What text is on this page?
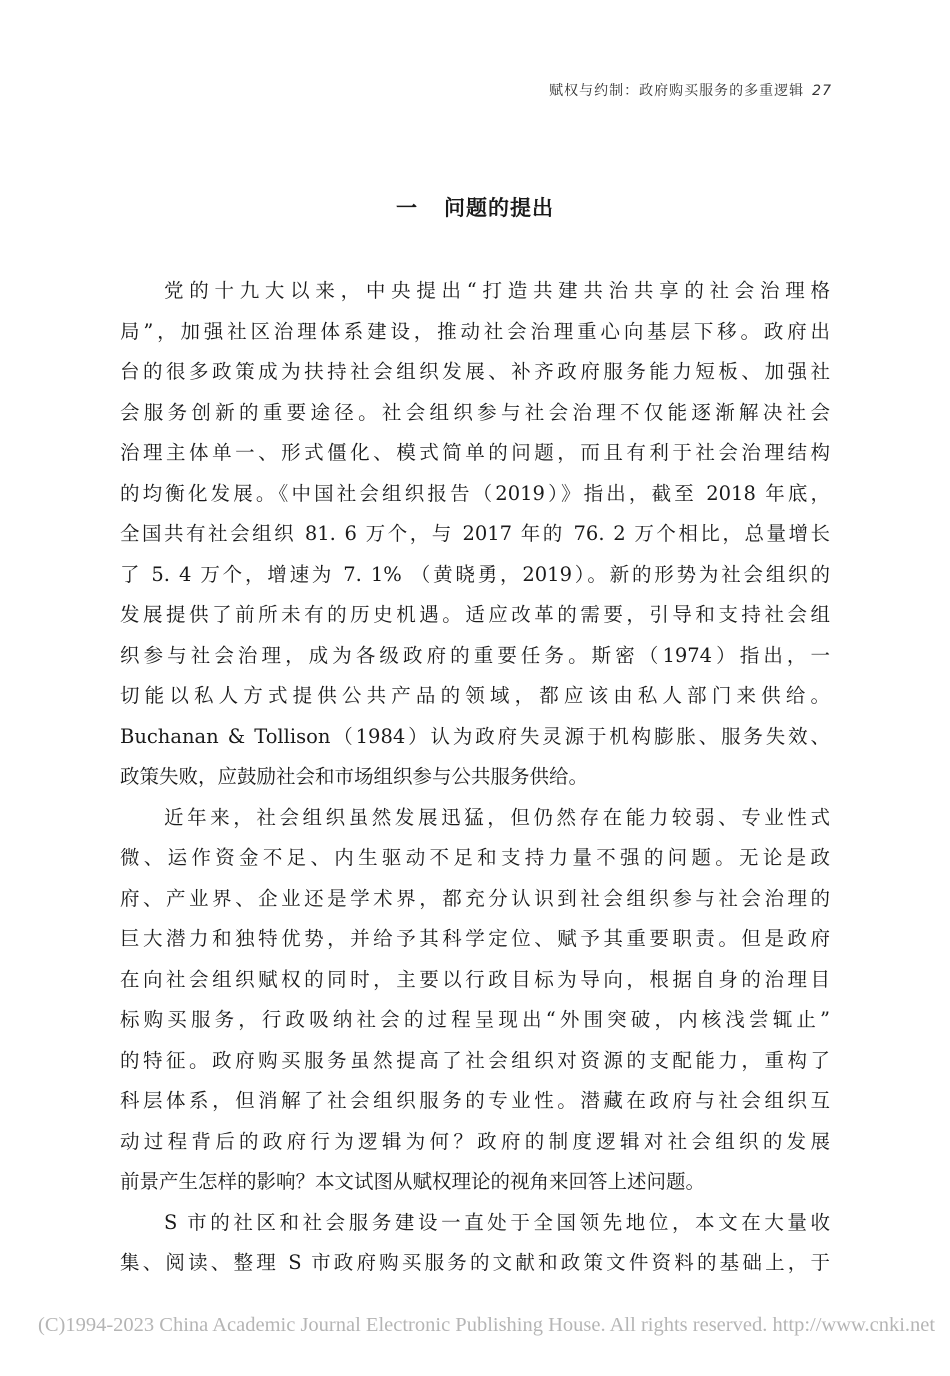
赋权与约制：政府购买服务的多重逻辑 27
一 问题的提出
党的十九大以来，中央提出“打造共建共治共享的社会治理格
局”，加强社区治理体系建设，推动社会治理重心向基层下移。政府出
台的很多政策成为扶持社会组织发展、补齐政府服务能力短板、加强社
会服务创新的重要途径。社会组织参与社会治理不仅能逐渐解决社会
治理主体单一、形式僵化、模式简单的问题，而且有利于社会治理结构
的均衡化发展。《中国社会组织报告（2019）》指出，截至 2018 年底，
全国共有社会组织 81. 6 万个，与 2017 年的 76. 2 万个相比，总量增长
了 5. 4 万个，增速为 7. 1% （黄晓勇，2019）。新的形势为社会组织的
发展提供了前所未有的历史机遇。适应改革的需要，引导和支持社会组
织参与社会治理，成为各级政府的重要任务。斯密（1974）指出，一
切能以私人方式提供公共产品的领域，都应该由私人部门来供给。
Buchanan & Tollison（1984）认为政府失灵源于机构膨胀、服务失效、
政策失败，应鼓励社会和市场组织参与公共服务供给。
近年来，社会组织虽然发展迅猛，但仍然存在能力较弱、专业性式
微、运作资金不足、内生驱动不足和支持力量不强的问题。无论是政
府、产业界、企业还是学术界，都充分认识到社会组织参与社会治理的
巨大潜力和独特优势，并给予其科学定位、赋予其重要职责。但是政府
在向社会组织赋权的同时，主要以行政目标为导向，根据自身的治理目
标购买服务，行政吸纳社会的过程呈现出“外围突破，内核浅尝辄止”
的特征。政府购买服务虽然提高了社会组织对资源的支配能力，重构了
科层体系，但消解了社会组织服务的专业性。潜藏在政府与社会组织互
动过程背后的政府行为逻辑为何？政府的制度逻辑对社会组织的发展
前景产生怎样的影响？本文试图从赋权理论的视角来回答上述问题。
S 市的社区和社会服务建设一直处于全国领先地位，本文在大量收
集、阅读、整理 S 市政府购买服务的文献和政策文件资料的基础上，于
(C)1994-2023 China Academic Journal Electronic Publishing House. All rights reserved. http://www.cnki.net
